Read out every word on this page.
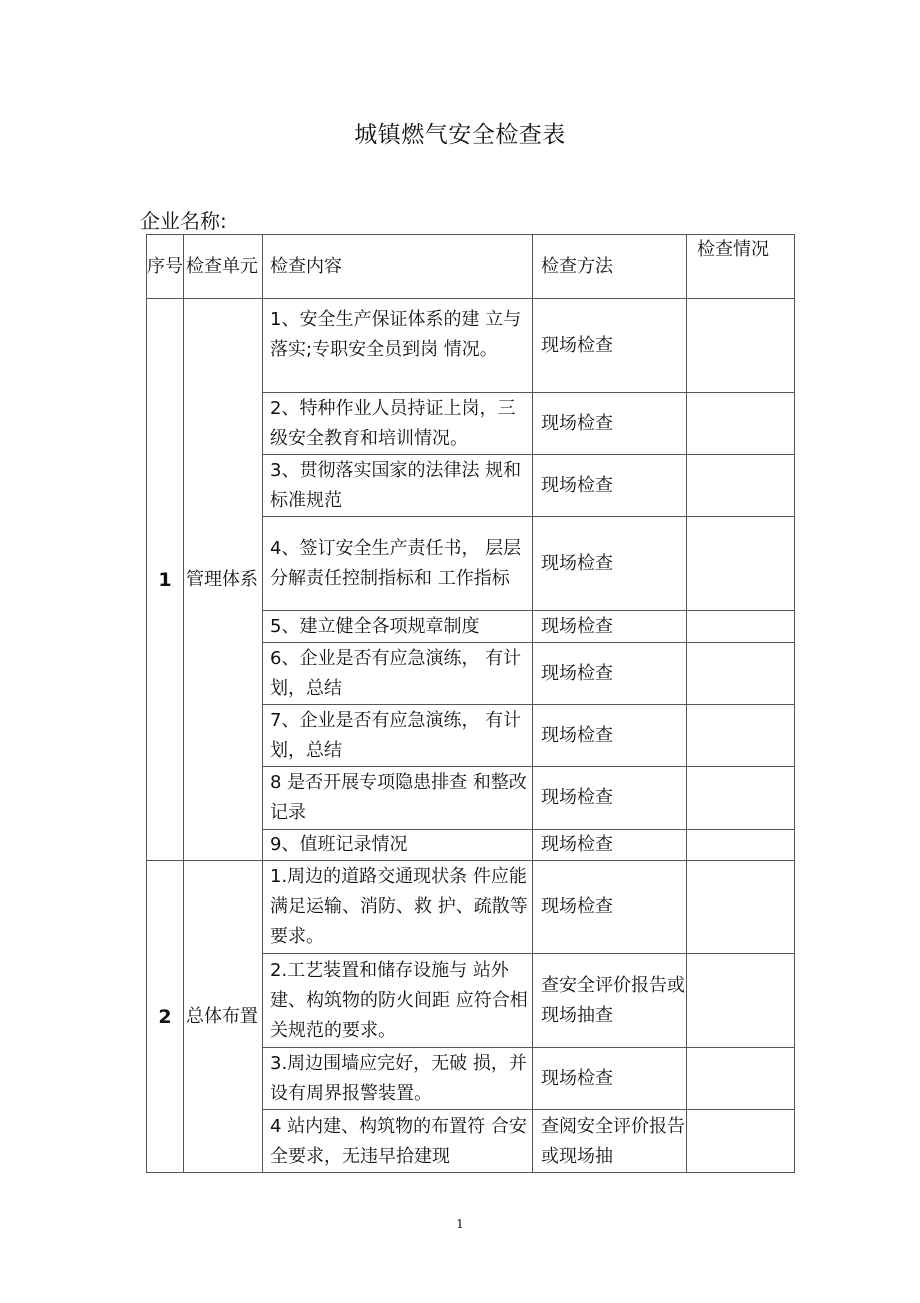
城镇燃气安全检查表
企业名称:
序号	检查单元	检查内容	检查方法	检查情况
1	管理体系	1、安全生产保证体系的建 立与落实;专职安全员到岗 情况。	现场检查	
		2、特种作业人员持证上岗，三级安全教育和培训情况。	现场检查	
		3、贯彻落实国家的法律法 规和标准规范	现场检查	
		4、签订安全生产责任书， 层层分解责任控制指标和 工作指标	现场检查	
		5、建立健全各项规章制度	现场检查	
		6、企业是否有应急演练， 有计划，总结	现场检查	
		7、企业是否有应急演练， 有计划，总结	现场检查	
		8 是否开展专项隐患排查 和整改记录	现场检查	
		9、值班记录情况	现场检查	
2	总体布置	1.周边的道路交通现状条 件应能满足运输、消防、救 护、疏散等要求。	现场检查	
		2.工艺装置和储存设施与 站外建、构筑物的防火间距 应符合相关规范的要求。	查安全评价报告或现场抽查	
		3.周边围墙应完好，无破 损，并设有周界报警装置。	现场检查	
		4 站内建、构筑物的布置符 合安全要求，无违早拾建现	查阅安全评价报告或现场抽	
1
